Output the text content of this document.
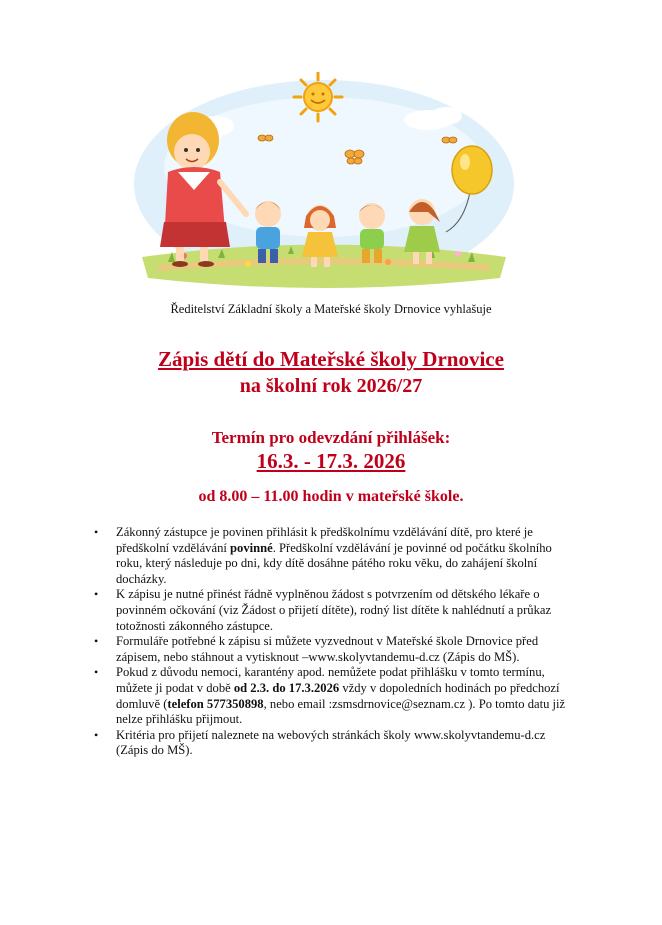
Ředitelství Základní školy a Mateřské školy Drnovice vyhlašuje
Zápis dětí do Mateřské školy Drnovice
na školní rok 2026/27
Termín pro odevzdání přihlášek:
16.3. - 17.3. 2026
od 8.00 – 11.00 hodin v mateřské škole.
• Zákonný zástupce je povinen přihlásit k předškolnímu vzdělávání dítě, pro které je předškolní vzdělávání povinné. Předškolní vzdělávání je povinné od počátku školního roku, který následuje po dni, kdy dítě dosáhne pátého roku věku, do zahájení školní docházky.
• K zápisu je nutné přinést řádně vyplněnou žádost s potvrzením od dětského lékaře o povinném očkování (viz Žádost o přijetí dítěte), rodný list dítěte k nahlédnutí a průkaz totožnosti zákonného zástupce.
• Formuláře potřebné k zápisu si můžete vyzvednout v Mateřské škole Drnovice před zápisem, nebo stáhnout a vytisknout –www.skolyvtandemu-d.cz (Zápis do MŠ).
• Pokud z důvodu nemoci, karantény apod. nemůžete podat přihlášku v tomto termínu, můžete ji podat v době od 2.3. do 17.3.2026 vždy v dopoledních hodinách po předchozí domluvě (telefon 577350898, nebo email :zsmsdrnovice@seznam.cz ). Po tomto datu již nelze přihlášku přijmout.
• Kritéria pro přijetí naleznete na webových stránkách školy www.skolyvtandemu-d.cz (Zápis do MŠ).
